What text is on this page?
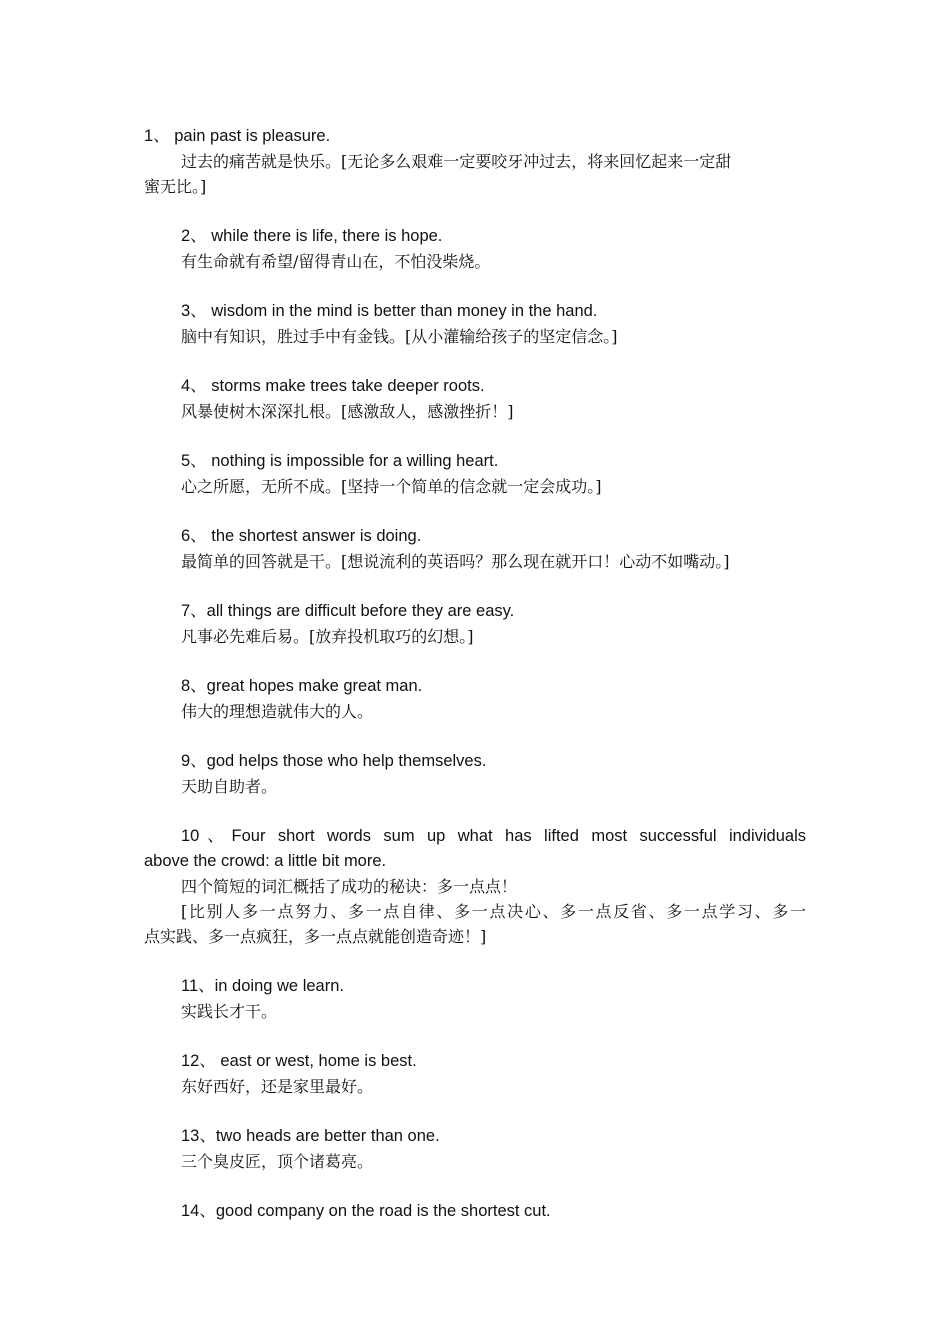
1、 pain past is pleasure.
过去的痛苦就是快乐。[无论多么艰难一定要咬牙冲过去，将来回忆起来一定甜
蜜无比。]
2、 while there is life, there is hope.
有生命就有希望/留得青山在，不怕没柴烧。
3、 wisdom in the mind is better than money in the hand.
脑中有知识，胜过手中有金钱。[从小灌输给孩子的坚定信念。]
4、 storms make trees take deeper roots.
风暴使树木深深扎根。[感激敌人，感激挫折！]
5、 nothing is impossible for a willing heart.
心之所愿，无所不成。[坚持一个简单的信念就一定会成功。]
6、 the shortest answer is doing.
最简单的回答就是干。[想说流利的英语吗？那么现在就开口！心动不如嘴动。]
7、all things are difficult before they are easy.
凡事必先难后易。[放弃投机取巧的幻想。]
8、great hopes make great man.
伟大的理想造就伟大的人。
9、god helps those who help themselves.
天助自助者。
10、Four short words sum up what has lifted most successful individuals
above the crowd: a little bit more.
四个简短的词汇概括了成功的秘诀：多一点点！
[比别人多一点努力、多一点自律、多一点决心、多一点反省、多一点学习、多一
点实践、多一点疯狂，多一点点就能创造奇迹！]
11、in doing we learn.
实践长才干。
12、 east or west, home is best.
东好西好，还是家里最好。
13、two heads are better than one.
三个臭皮匠，顶个诸葛亮。
14、good company on the road is the shortest cut.
